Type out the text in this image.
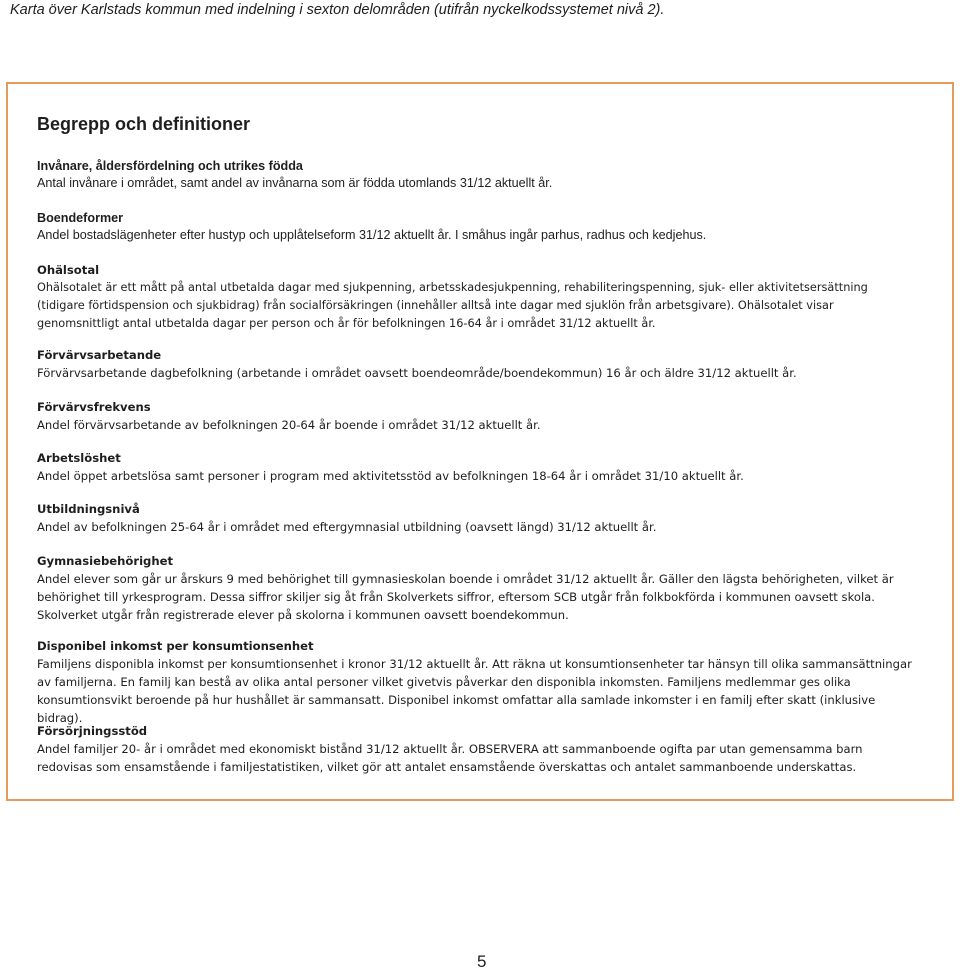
Karta över Karlstads kommun med indelning i sexton delområden (utifrån nyckelkodssystemet nivå 2).
Begrepp och definitioner
Invånare, åldersfördelning och utrikes födda
Antal invånare i området, samt andel av invånarna som är födda utomlands 31/12 aktuellt år.
Boendeformer
Andel bostadslägenheter efter hustyp och upplåtelseform 31/12 aktuellt år. I småhus ingår parhus, radhus och kedjehus.
Ohälsotal
Ohälsotalet är ett mått på antal utbetalda dagar med sjukpenning, arbetsskadesjukpenning, rehabiliteringspenning, sjuk- eller aktivitetsersättning (tidigare förtidspension och sjukbidrag) från socialförsäkringen (innehåller alltså inte dagar med sjuklön från arbetsgivare). Ohälsotalet visar genomsnittligt antal utbetalda dagar per person och år för befolkningen 16-64 år i området 31/12 aktuellt år.
Förvärvsarbetande
Förvärvsarbetande dagbefolkning (arbetande i området oavsett boendeområde/boendekommun) 16 år och äldre 31/12 aktuellt år.
Förvärvsfrekvens
Andel förvärvsarbetande av befolkningen 20-64 år boende i området 31/12 aktuellt år.
Arbetslöshet
Andel öppet arbetslösa samt personer i program med aktivitetsstöd av befolkningen 18-64 år i området 31/10 aktuellt år.
Utbildningsnivå
Andel av befolkningen 25-64 år i området med eftergymnasial utbildning (oavsett längd) 31/12 aktuellt år.
Gymnasiebehörighet
Andel elever som går ur årskurs 9 med behörighet till gymnasieskolan boende i området 31/12 aktuellt år. Gäller den lägsta behörigheten, vilket är behörighet till yrkesprogram. Dessa siffror skiljer sig åt från Skolverkets siffror, eftersom SCB utgår från folkbokförda i kommunen oavsett skola. Skolverket utgår från registrerade elever på skolorna i kommunen oavsett boendekommun.
Disponibel inkomst per konsumtionsenhet
Familjens disponibla inkomst per konsumtionsenhet i kronor 31/12 aktuellt år. Att räkna ut konsumtionsenheter tar hänsyn till olika sammansättningar av familjerna. En familj kan bestå av olika antal personer vilket givetvis påverkar den disponibla inkomsten. Familjens medlemmar ges olika konsumtionsvikt beroende på hur hushållet är sammansatt. Disponibel inkomst omfattar alla samlade inkomster i en familj efter skatt (inklusive bidrag).
Försörjningsstöd
Andel familjer 20- år i området med ekonomiskt bistånd 31/12 aktuellt år. OBSERVERA att sammanboende ogifta par utan gemensamma barn redovisas som ensamstående i familjestatistiken, vilket gör att antalet ensamstående överskattas och antalet sammanboende underskattas.
5
